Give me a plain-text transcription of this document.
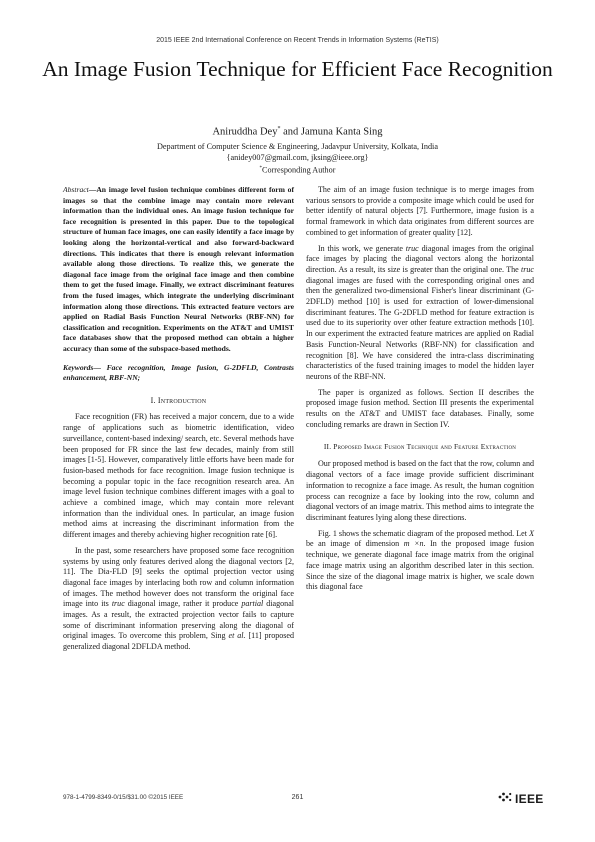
2015 IEEE 2nd International Conference on Recent Trends in Information Systems (ReTIS)
An Image Fusion Technique for Efficient Face Recognition
Aniruddha Dey* and Jamuna Kanta Sing
Department of Computer Science & Engineering, Jadavpur University, Kolkata, India
{anidey007@gmail.com, jksing@ieee.org}
*Corresponding Author

Abstract—An image level fusion technique combines different form of images so that the combine image may contain more relevant information than the individual ones. An image fusion technique for face recognition is presented in this paper. Due to the topological structure of human face images, one can easily identify a face image by looking along the horizontal-vertical and also forward-backward directions. This indicates that there is enough relevant information available along those directions. To realize this, we generate the diagonal face image from the original face image and then combine them to get the fused image. Finally, we extract discriminant features from the fused images, which integrate the underlying discriminant information along those directions. This extracted feature vectors are applied on Radial Basis Function Neural Networks (RBF-NN) for classification and recognition. Experiments on the AT&T and UMIST face databases show that the proposed method can obtain a higher accuracy than some of the subspace-based methods.

Keywords— Face recognition, Image fusion, G-2DFLD, Contrasts enhancement, RBF-NN;

I. Introduction

Face recognition (FR) has received a major concern, due to a wide range of applications such as biometric identification, video surveillance, content-based indexing/ search, etc. Several methods have been proposed for FR since the last few decades, mainly from still images [1-5]. However, comparatively little efforts have been made for fusion-based methods for face recognition. Image fusion technique is becoming a popular topic in the face recognition research area. An image level fusion technique combines different images with a goal to achieve a combined image, which may contain more relevant information than the individual ones. In particular, an image fusion method aims at increasing the discriminant information from the different images and thereby achieving higher recognition rate [6].

In the past, some researchers have proposed some face recognition systems by using only features derived along the diagonal vectors [2, 11]. The Dia-FLD [9] seeks the optimal projection vector using diagonal face images by interlacing both row and column information of images. The method however does not transform the original face image into its truc diagonal image, rather it produce partial diagonal images. As a result, the extracted projection vector fails to capture some of discriminant information preserving along the diagonal of original images. To overcome this problem, Sing et al. [11] proposed generalized diagonal 2DFLDA method.

The aim of an image fusion technique is to merge images from various sensors to provide a composite image which could be used for better identify of natural objects [7]. Furthermore, image fusion is a formal framework in which data originates from different sources are combined to get information of greater quality [12].

In this work, we generate truc diagonal images from the original face images by placing the diagonal vectors along the horizontal direction. As a result, its size is greater than the original one. The truc diagonal images are fused with the corresponding original ones and then the generalized two-dimensional Fisher's linear discriminant (G-2DFLD) method [10] is used for extraction of lower-dimensional discriminant features. The G-2DFLD method for feature extraction is used due to its superiority over other feature extraction methods [10]. In our experiment the extracted feature matrices are applied on Radial Basis Function-Neural Networks (RBF-NN) for classification and recognition [8]. We have considered the intra-class discriminating characteristics of the fused training images to model the hidden layer neurons of the RBF-NN.

The paper is organized as follows. Section II describes the proposed image fusion method. Section III presents the experimental results on the AT&T and UMIST face databases. Finally, some concluding remarks are drawn in Section IV.

II. Proposed Image Fusion Technique and Feature Extraction

Our proposed method is based on the fact that the row, column and diagonal vectors of a face image provide sufficient discriminant information to recognize a face image. As result, the human cognition process can recognize a face by looking into the row, column and diagonal vectors of an image matrix. This method aims to integrate the discriminant features lying along these directions.

Fig. 1 shows the schematic diagram of the proposed method. Let X be an image of dimension m ×n. In the proposed image fusion technique, we generate diagonal face image matrix from the original face image matrix using an algorithm described later in this section. Since the size of the diagonal image matrix is higher, we scale down this diagonal face

978-1-4799-8349-0/15/$31.00 ©2015 IEEE	261	IEEE
